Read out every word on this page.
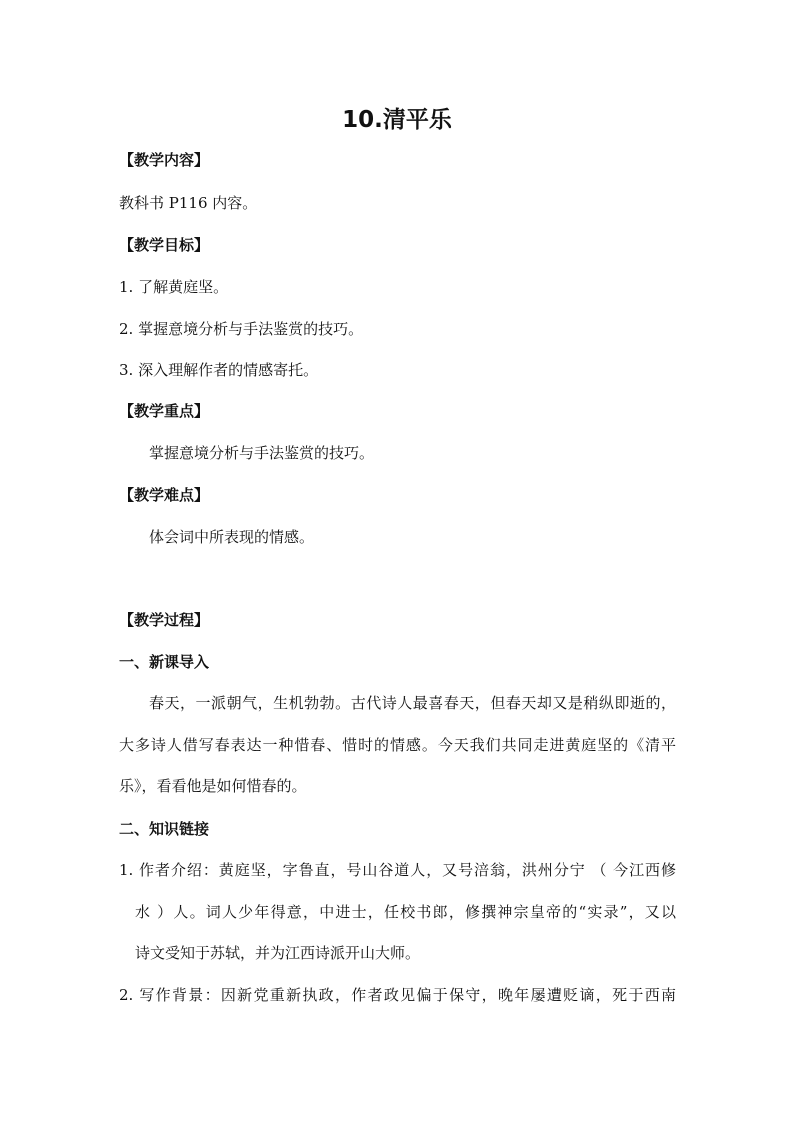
10.清平乐
【教学内容】
教科书 P116 内容。
【教学目标】
1. 了解黄庭坚。
2. 掌握意境分析与手法鉴赏的技巧。
3. 深入理解作者的情感寄托。
【教学重点】
掌握意境分析与手法鉴赏的技巧。
【教学难点】
体会词中所表现的情感。
【教学过程】
一、新课导入
春天，一派朝气，生机勃勃。古代诗人最喜春天，但春天却又是稍纵即逝的，
大多诗人借写春表达一种惜春、惜时的情感。今天我们共同走进黄庭坚的《清平
乐》，看看他是如何惜春的。
二、知识链接
1. 作者介绍：黄庭坚，字鲁直，号山谷道人，又号涪翁，洪州分宁 （ 今江西修
水 ）人。词人少年得意，中进士，任校书郎，修撰神宗皇帝的“实录”，又以
诗文受知于苏轼，并为江西诗派开山大师。
2. 写作背景：因新党重新执政，作者政见偏于保守，晚年屡遭贬谪，死于西南
